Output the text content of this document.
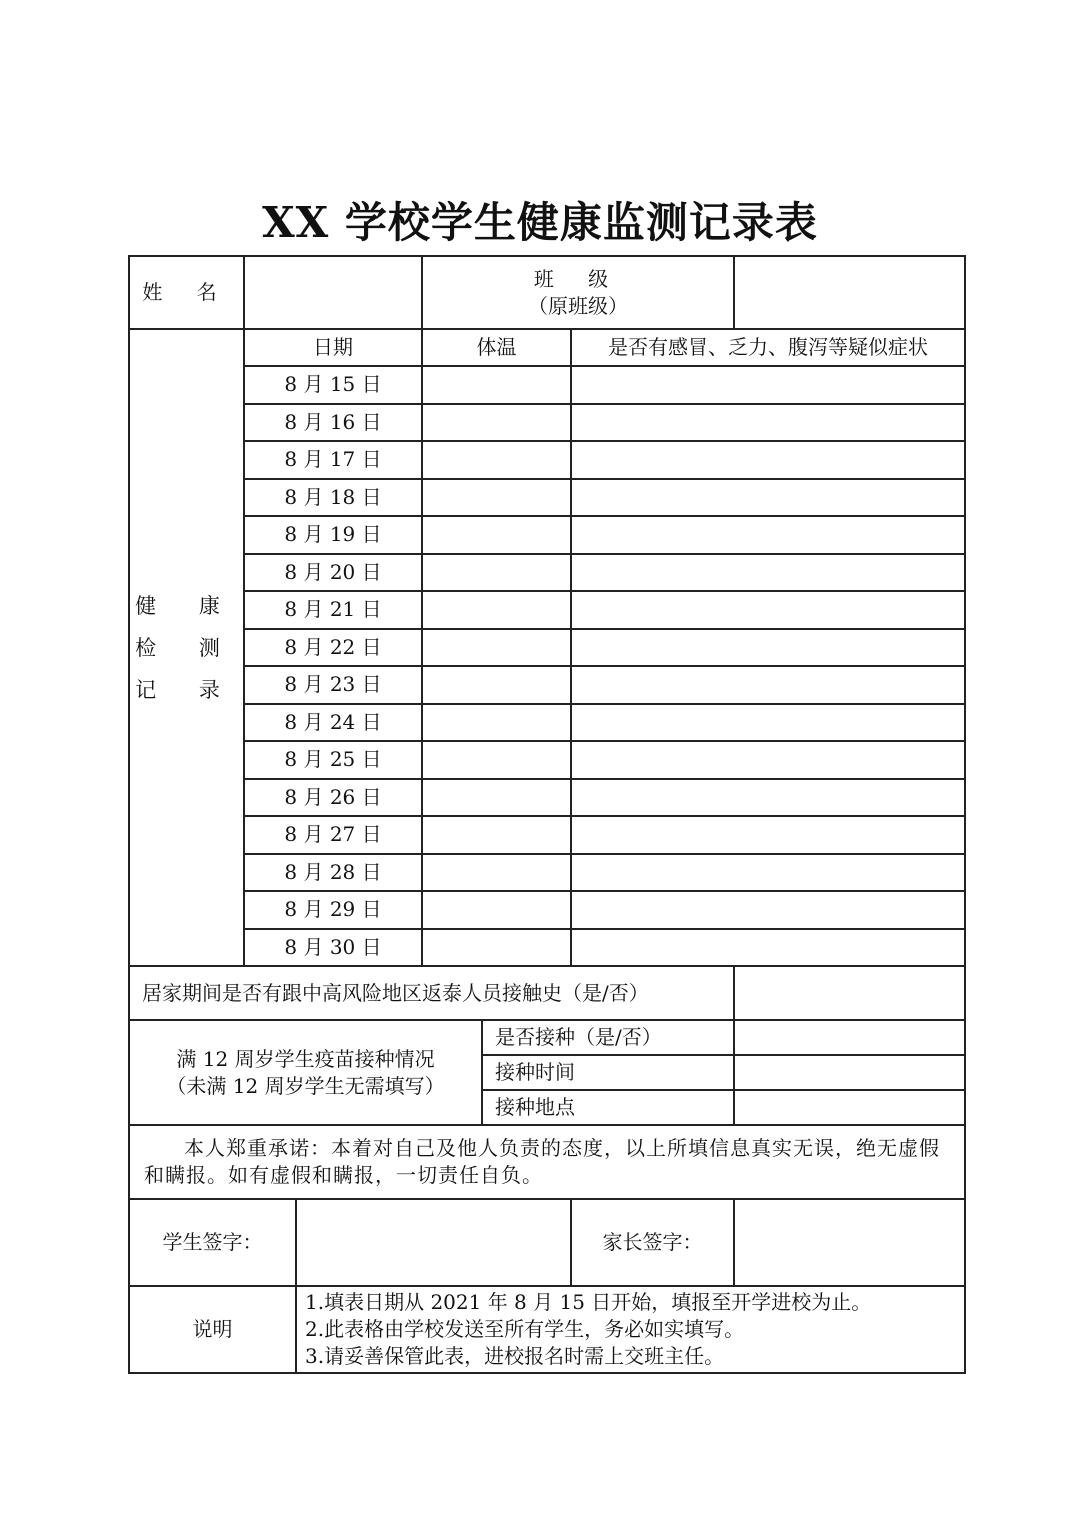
XX 学校学生健康监测记录表
姓 名			班 级
（原班级）			

健 康
检 测
记 录	日期		体温		是否有感冒、乏力、腹泻等疑似症状	
	8 月 15 日					
	8 月 16 日					
	8 月 17 日					
	8 月 18 日					
	8 月 19 日					
	8 月 20 日					
	8 月 21 日					
	8 月 22 日					
	8 月 23 日					
	8 月 24 日					
	8 月 25 日					
	8 月 26 日					
	8 月 27 日					
	8 月 28 日					
	8 月 29 日					
	8 月 30 日					
居家期间是否有跟中高风险地区返泰人员接触史（是/否）						

满 12 周岁学生疫苗接种情况
（未满 12 周岁学生无需填写）				是否接种（是/否）		
				接种时间		
				接种地点		

本人郑重承诺：本着对自己及他人负责的态度，以上所填信息真实无误，绝无虚假和瞒报。如有虚假和瞒报，一切责任自负。						

学生签字：					家长签字：	
说明		1.填表日期从 2021 年 8 月 15 日开始，填报至开学进校为止。
2.此表格由学校发送至所有学生，务必如实填写。
3.请妥善保管此表，进校报名时需上交班主任。				
